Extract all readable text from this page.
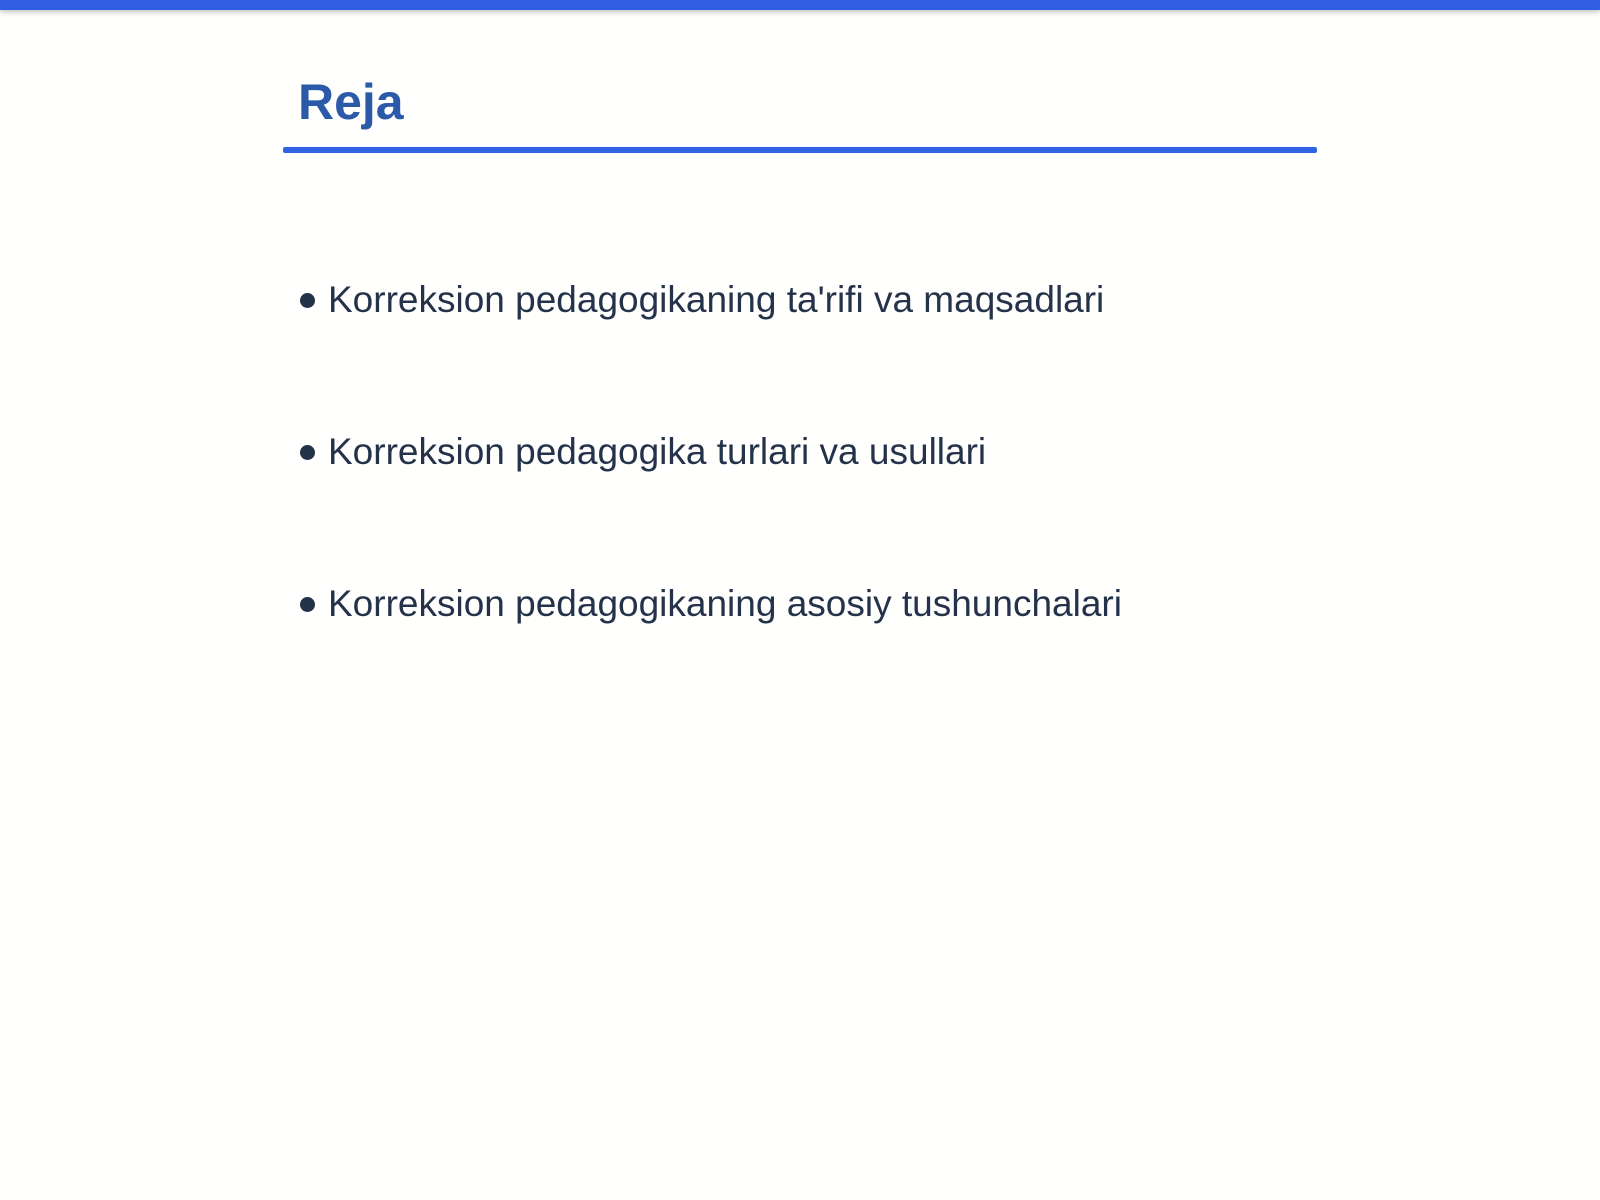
Reja
Korreksion pedagogikaning ta'rifi va maqsadlari
Korreksion pedagogika turlari va usullari
Korreksion pedagogikaning asosiy tushunchalari
